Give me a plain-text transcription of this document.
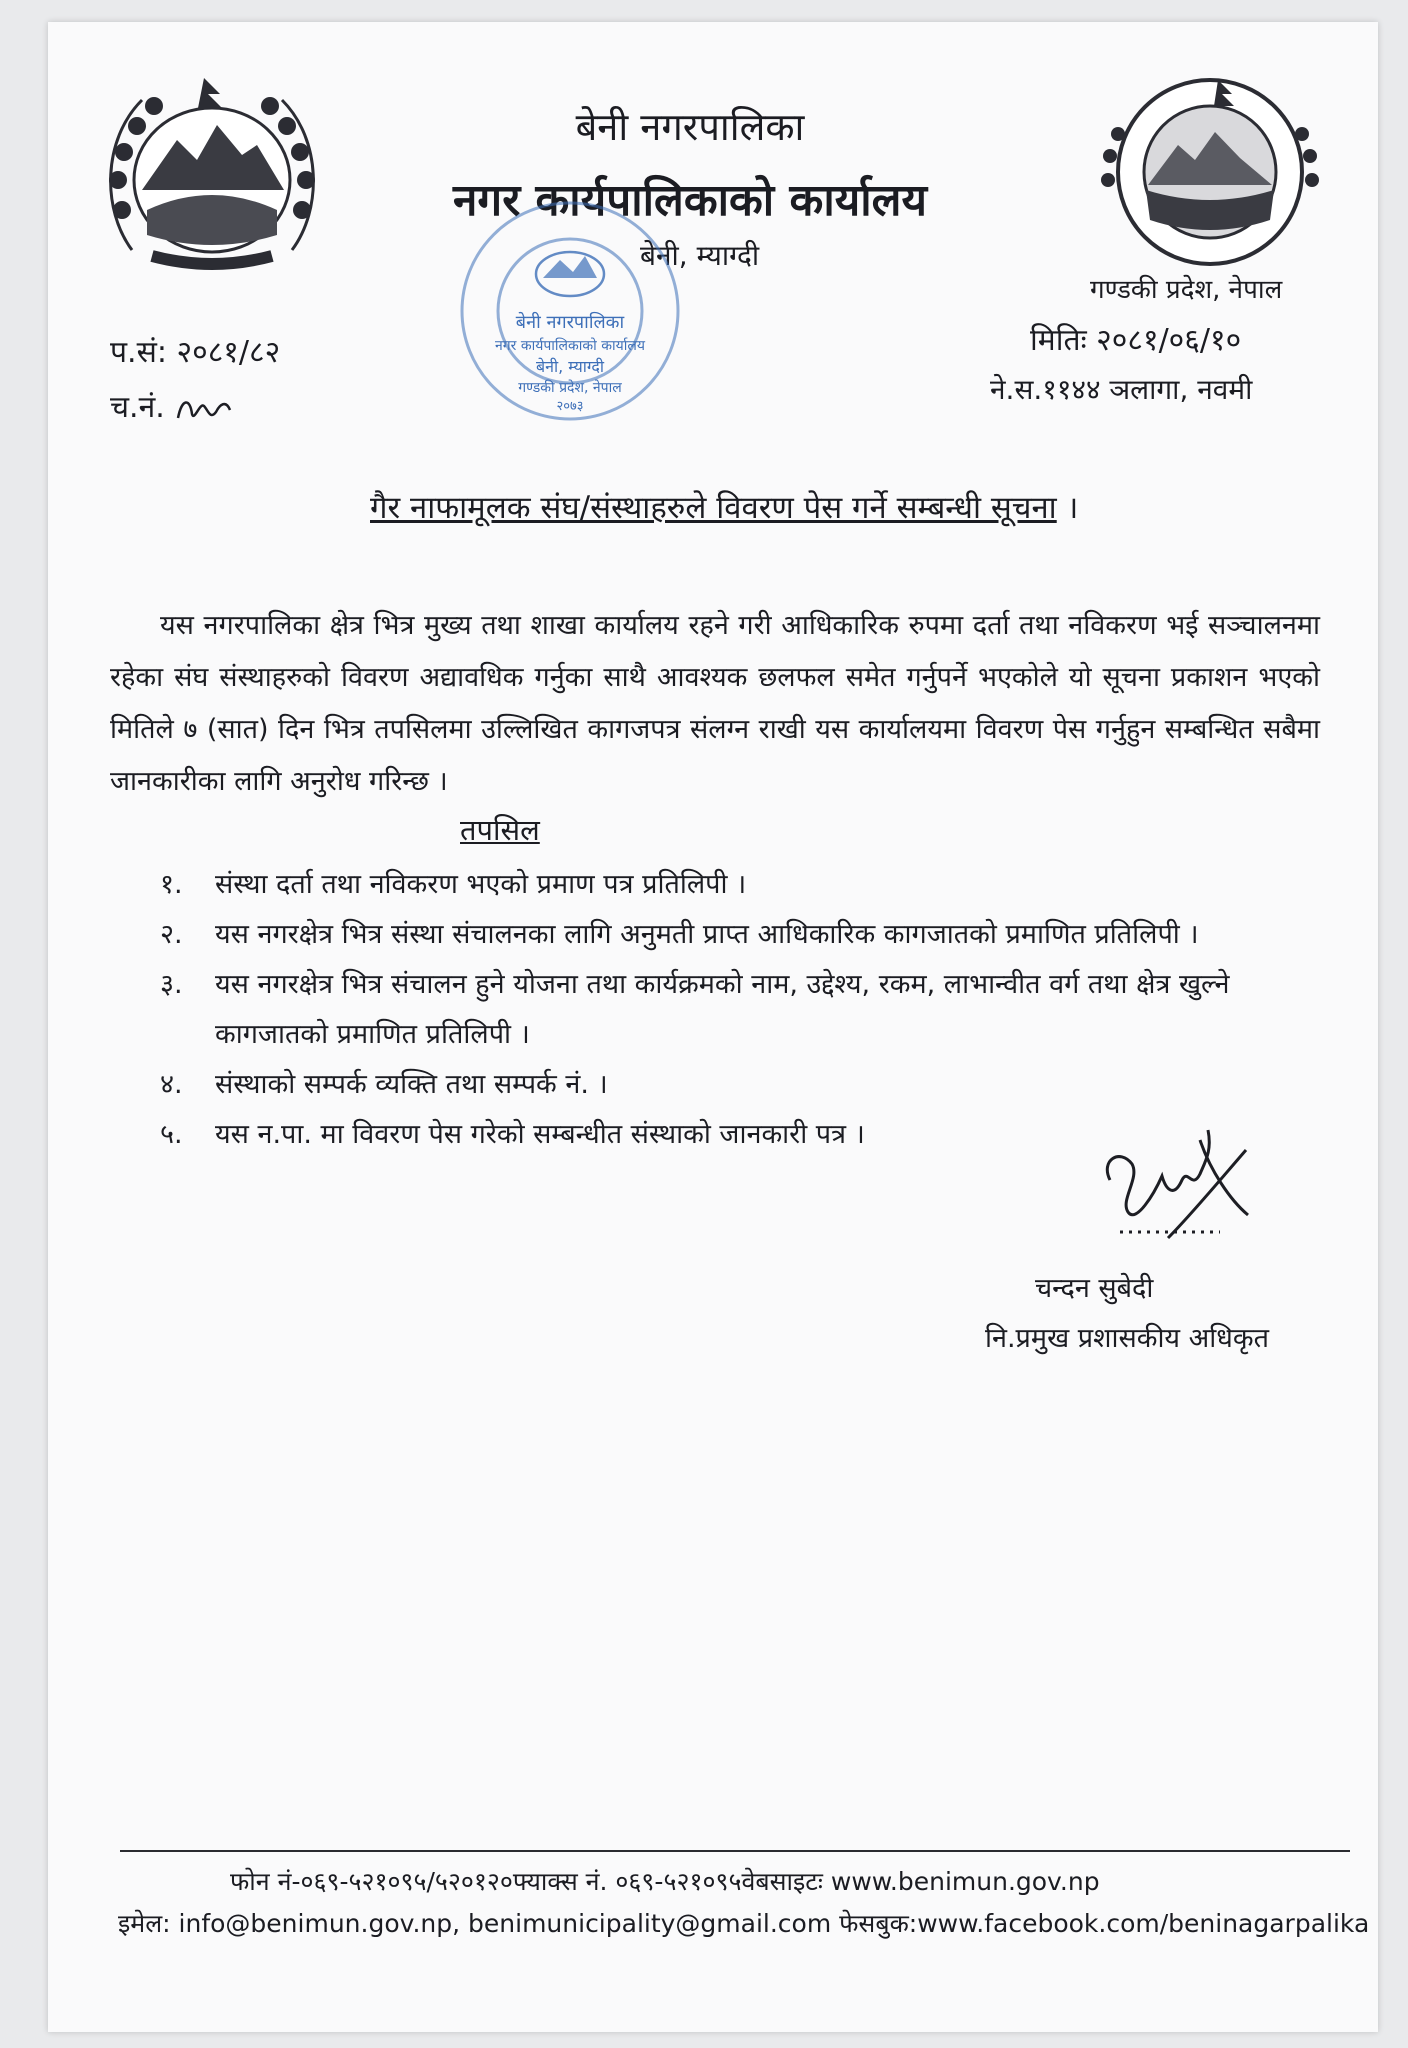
बेनी नगरपालिका
नगर कार्यपालिकाको कार्यालय
बेनी, म्याग्दी
गण्डकी प्रदेश, नेपाल
मितिः २०८१/०६/१०
ने.स.११४४ ञलागा, नवमी
प.सं: २०८१/८२
च.नं.
बेनी नगरपालिका
नगर कार्यपालिकाको कार्यालय
बेनी, म्याग्दी
गण्डकी प्रदेश, नेपाल
२०७३
गैर नाफामूलक संघ/संस्थाहरुले विवरण पेस गर्ने सम्बन्धी सूचना ।
यस नगरपालिका क्षेत्र भित्र मुख्य तथा शाखा कार्यालय रहने गरी आधिकारिक रुपमा दर्ता तथा नविकरण भई सञ्चालनमा रहेका संघ संस्थाहरुको विवरण अद्यावधिक गर्नुका साथै आवश्यक छलफल समेत गर्नुपर्ने भएकोले यो सूचना प्रकाशन भएको मितिले ७ (सात) दिन भित्र तपसिलमा उल्लिखित कागजपत्र संलग्न राखी यस कार्यालयमा विवरण पेस गर्नुहुन सम्बन्धित सबैमा जानकारीका लागि अनुरोध गरिन्छ ।
तपसिल
१.	संस्था दर्ता तथा नविकरण भएको प्रमाण पत्र प्रतिलिपी ।
२.	यस नगरक्षेत्र भित्र संस्था संचालनका लागि अनुमती प्राप्त आधिकारिक कागजातको प्रमाणित प्रतिलिपी ।
३.	यस नगरक्षेत्र भित्र संचालन हुने योजना तथा कार्यक्रमको नाम, उद्देश्य, रकम, लाभान्वीत वर्ग तथा क्षेत्र खुल्ने कागजातको प्रमाणित प्रतिलिपी ।
४.	संस्थाको सम्पर्क व्यक्ति तथा सम्पर्क नं. ।
५.	यस न.पा. मा विवरण पेस गरेको सम्बन्धीत संस्थाको जानकारी पत्र ।
चन्दन सुबेदी
नि.प्रमुख प्रशासकीय अधिकृत
फोन नं-०६९-५२१०९५/५२०१२०फ्याक्स नं. ०६९-५२१०९५वेबसाइटः www.benimun.gov.np
इमेल: info@benimun.gov.np, benimunicipality@gmail.com फेसबुक:www.facebook.com/beninagarpalika
